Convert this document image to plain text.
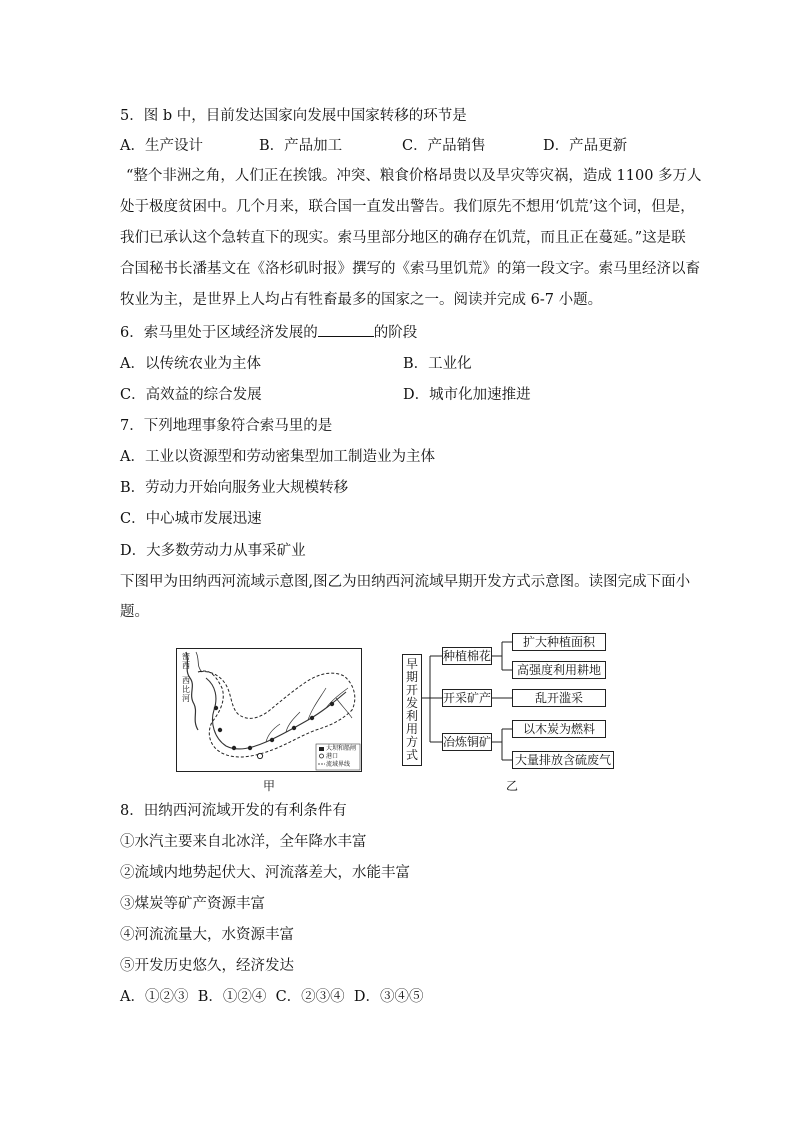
5．图 b 中，目前发达国家向发展中国家转移的环节是
A．生产设计	B．产品加工	C．产品销售	D．产品更新
“整个非洲之角，人们正在挨饿。冲突、粮食价格昂贵以及旱灾等灾祸，造成 1100 多万人
处于极度贫困中。几个月来，联合国一直发出警告。我们原先不想用‘饥荒’这个词，但是，
我们已承认这个急转直下的现实。索马里部分地区的确存在饥荒，而且正在蔓延。”这是联
合国秘书长潘基文在《洛杉矶时报》撰写的《索马里饥荒》的第一段文字。索马里经济以畜
牧业为主，是世界上人均占有牲畜最多的国家之一。阅读并完成 6-7 小题。
6．索马里处于区域经济发展的	的阶段
A．以传统农业为主体	B．工业化
C．高效益的综合发展	D．城市化加速推进
7．下列地理事象符合索马里的是
A．工业以资源型和劳动密集型加工制造业为主体
B．劳动力开始向服务业大规模转移
C．中心城市发展迅速
D．大多数劳动力从事采矿业
下图甲为田纳西河流域示意图,图乙为田纳西河流域早期开发方式示意图。读图完成下面小
题。
密
西
西
比
河
大坝和船闸
港口
流域界线
甲
早
期
开
发
利
用
方
式
种植棉花
扩大种植面积
高强度利用耕地
开采矿产	乱开滥采
冶炼铜矿
以木炭为燃料
大量排放含硫废气
乙
8．田纳西河流域开发的有利条件有
①水汽主要来自北冰洋，全年降水丰富
②流域内地势起伏大、河流落差大，水能丰富
③煤炭等矿产资源丰富
④河流流量大，水资源丰富
⑤开发历史悠久，经济发达
A．①②③  B．①②④  C．②③④  D．③④⑤
